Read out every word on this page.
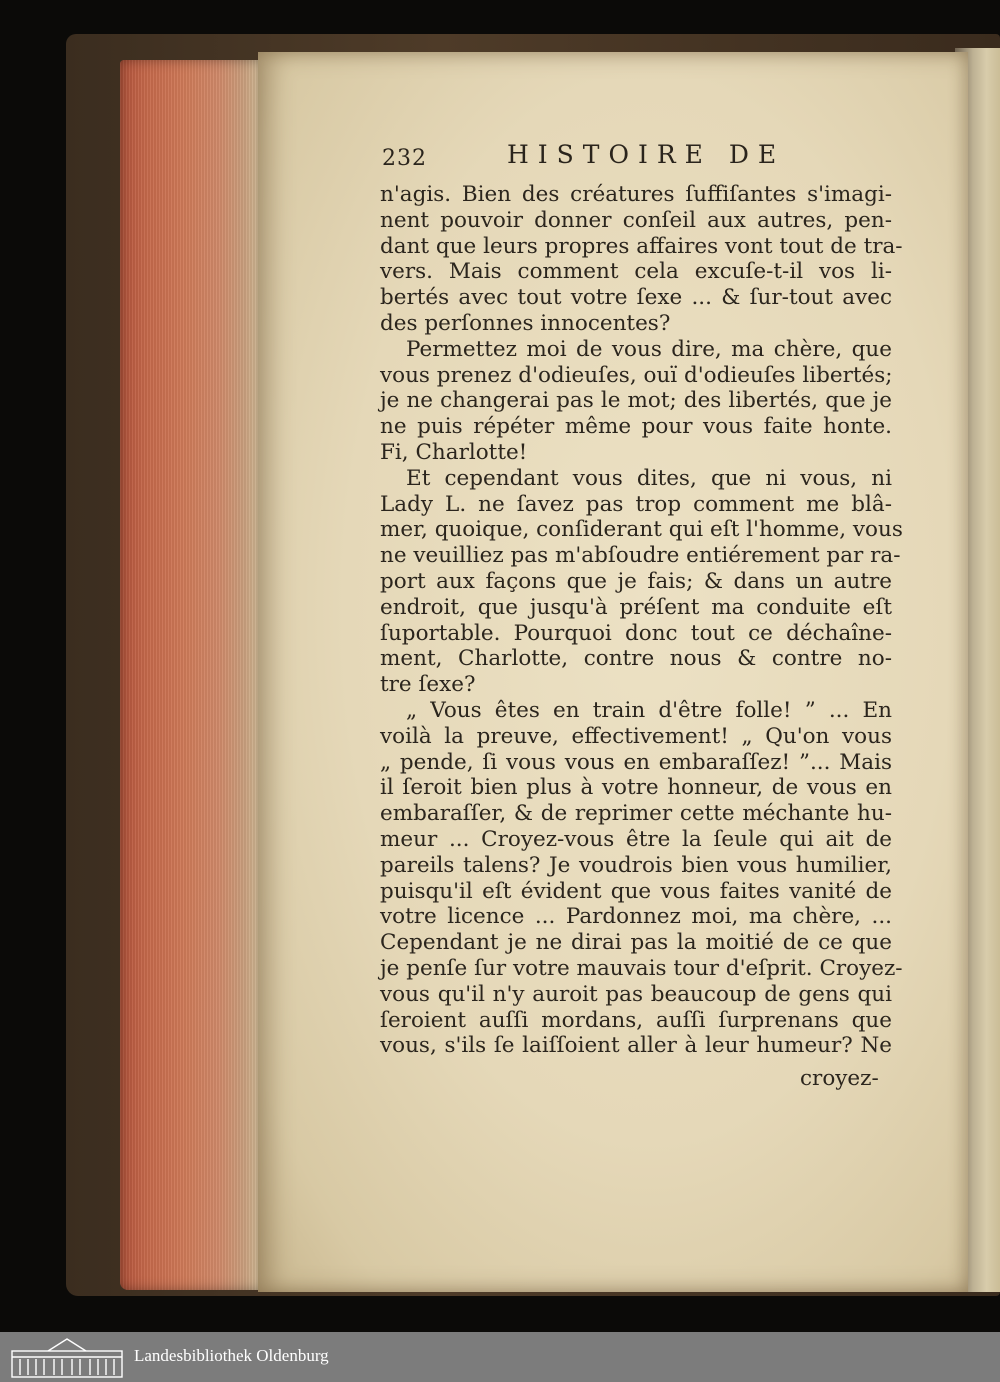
232	HISTOIRE DE
n'agis. Bien des créatures ſuffiſantes s'imagi-
nent pouvoir donner conſeil aux autres, pen-
dant que leurs propres affaires vont tout de tra-
vers. Mais comment cela excuſe-t-il vos li-
bertés avec tout votre ſexe ... & ſur-tout avec
des perſonnes innocentes?
Permettez moi de vous dire, ma chère, que
vous prenez d'odieuſes, ouï d'odieuſes libertés;
je ne changerai pas le mot; des libertés, que je
ne puis répéter même pour vous faite honte.
Fi, Charlotte!
Et cependant vous dites, que ni vous, ni
Lady L. ne ſavez pas trop comment me blâ-
mer, quoique, conſiderant qui eſt l'homme, vous
ne veuilliez pas m'abſoudre entiérement par ra-
port aux façons que je fais; & dans un autre
endroit, que jusqu'à préſent ma conduite eſt
ſuportable. Pourquoi donc tout ce déchaîne-
ment, Charlotte, contre nous & contre no-
tre ſexe?
„ Vous êtes en train d'être folle! ” ... En
voilà la preuve, effectivement! „ Qu'on vous
„ pende, ſi vous vous en embaraſſez! ”... Mais
il ſeroit bien plus à votre honneur, de vous en
embaraſſer, & de reprimer cette méchante hu-
meur ... Croyez-vous être la ſeule qui ait de
pareils talens? Je voudrois bien vous humilier,
puisqu'il eſt évident que vous faites vanité de
votre licence ... Pardonnez moi, ma chère, ...
Cependant je ne dirai pas la moitié de ce que
je penſe ſur votre mauvais tour d'eſprit. Croyez-
vous qu'il n'y auroit pas beaucoup de gens qui
ſeroient auſſi mordans, auſſi ſurprenans que
vous, s'ils ſe laiſſoient aller à leur humeur? Ne
croyez-
Landesbibliothek Oldenburg
